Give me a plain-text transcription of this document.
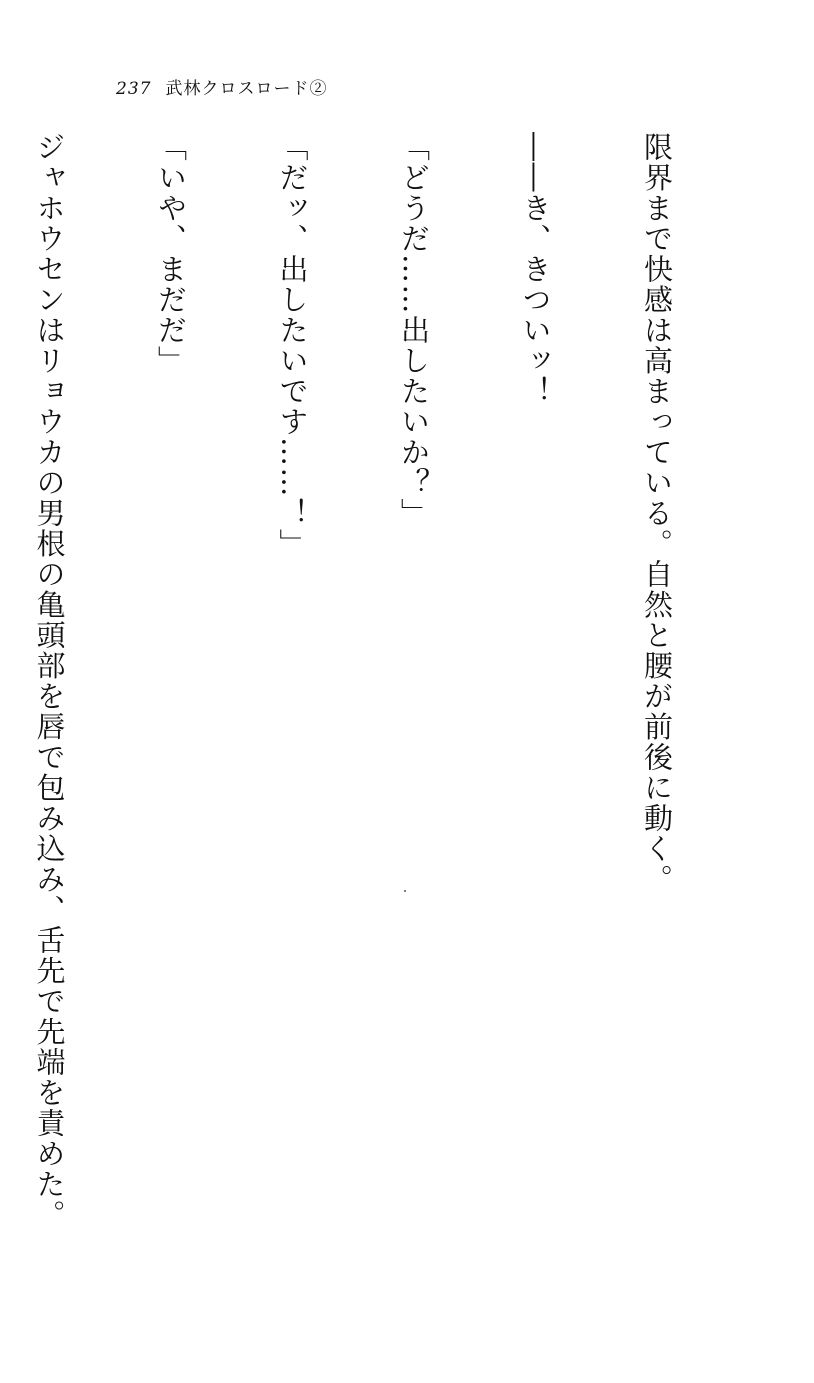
237 武林クロスロード②

限界まで快感は高まっている。自然と腰が前後に動く。

――き、きついッ！

「どうだ……出したいか？」

「だッ、出したいです……！」

「いや、まだだ」

ジャホウセンはリョウカの男根の亀頭部を唇で包み込み、舌先で先端を責めた。
